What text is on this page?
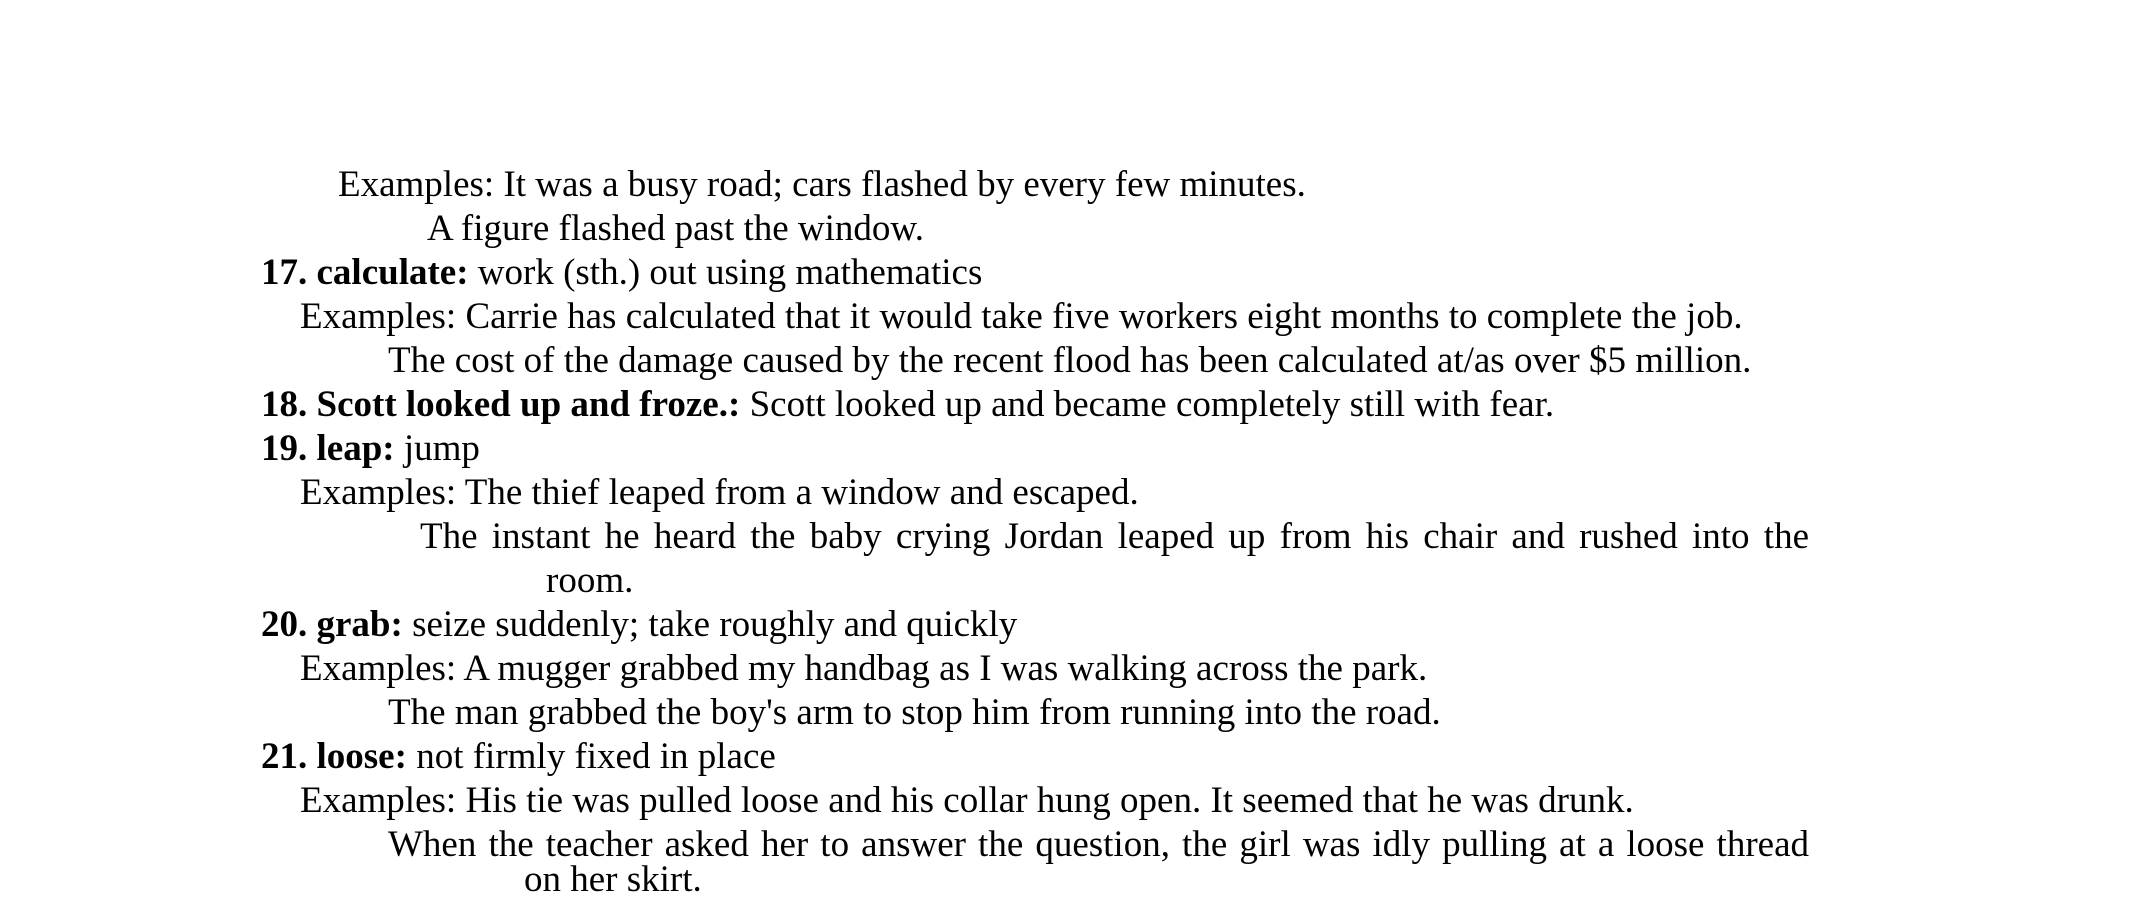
Examples: It was a busy road; cars flashed by every few minutes.
A figure flashed past the window.
17. calculate: work (sth.) out using mathematics
Examples: Carrie has calculated that it would take five workers eight months to complete the job.
The cost of the damage caused by the recent flood has been calculated at/as over $5 million.
18. Scott looked up and froze.: Scott looked up and became completely still with fear.
19. leap: jump
Examples: The thief leaped from a window and escaped.
The instant he heard the baby crying Jordan leaped up from his chair and rushed into the
room.
20. grab: seize suddenly; take roughly and quickly
Examples: A mugger grabbed my handbag as I was walking across the park.
The man grabbed the boy's arm to stop him from running into the road.
21. loose: not firmly fixed in place
Examples: His tie was pulled loose and his collar hung open. It seemed that he was drunk.
When the teacher asked her to answer the question, the girl was idly pulling at a loose thread
on her skirt.
